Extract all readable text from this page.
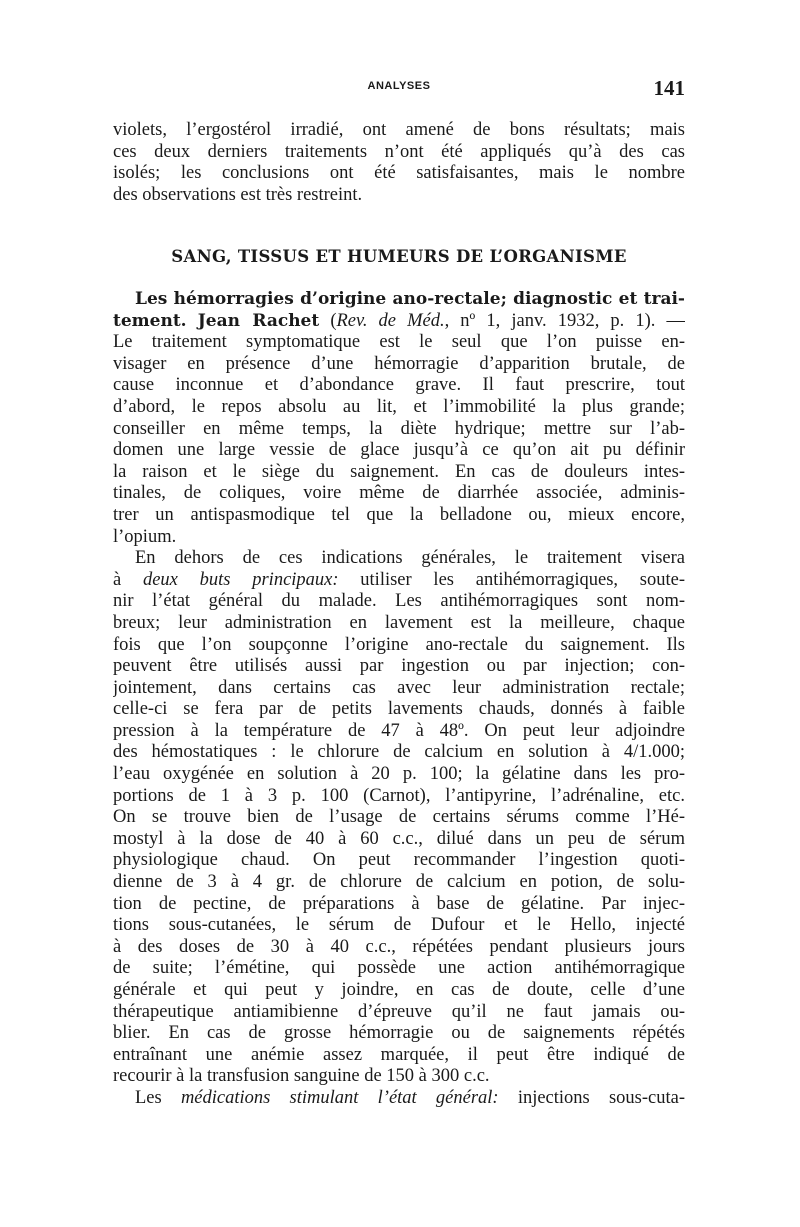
ANALYSES	141
violets, l’ergostérol irradié, ont amené de bons résultats; mais
ces deux derniers traitements n’ont été appliqués qu’à des cas
isolés; les conclusions ont été satisfaisantes, mais le nombre
des observations est très restreint.
SANG, TISSUS ET HUMEURS DE L’ORGANISME
Les hémorragies d’origine ano-rectale; diagnostic et trai-
tement. Jean Rachet (Rev. de Méd., nº 1, janv. 1932, p. 1). —
Le traitement symptomatique est le seul que l’on puisse en-
visager en présence d’une hémorragie d’apparition brutale, de
cause inconnue et d’abondance grave. Il faut prescrire, tout
d’abord, le repos absolu au lit, et l’immobilité la plus grande;
conseiller en même temps, la diète hydrique; mettre sur l’ab-
domen une large vessie de glace jusqu’à ce qu’on ait pu définir
la raison et le siège du saignement. En cas de douleurs intes-
tinales, de coliques, voire même de diarrhée associée, adminis-
trer un antispasmodique tel que la belladone ou, mieux encore,
l’opium.
En dehors de ces indications générales, le traitement visera
à deux buts principaux: utiliser les antihémorragiques, soute-
nir l’état général du malade. Les antihémorragiques sont nom-
breux; leur administration en lavement est la meilleure, chaque
fois que l’on soupçonne l’origine ano-rectale du saignement. Ils
peuvent être utilisés aussi par ingestion ou par injection; con-
jointement, dans certains cas avec leur administration rectale;
celle-ci se fera par de petits lavements chauds, donnés à faible
pression à la température de 47 à 48º. On peut leur adjoindre
des hémostatiques : le chlorure de calcium en solution à 4/1.000;
l’eau oxygénée en solution à 20 p. 100; la gélatine dans les pro-
portions de 1 à 3 p. 100 (Carnot), l’antipyrine, l’adrénaline, etc.
On se trouve bien de l’usage de certains sérums comme l’Hé-
mostyl à la dose de 40 à 60 c.c., dilué dans un peu de sérum
physiologique chaud. On peut recommander l’ingestion quoti-
dienne de 3 à 4 gr. de chlorure de calcium en potion, de solu-
tion de pectine, de préparations à base de gélatine. Par injec-
tions sous-cutanées, le sérum de Dufour et le Hello, injecté
à des doses de 30 à 40 c.c., répétées pendant plusieurs jours
de suite; l’émétine, qui possède une action antihémorragique
générale et qui peut y joindre, en cas de doute, celle d’une
thérapeutique antiamibienne d’épreuve qu’il ne faut jamais ou-
blier. En cas de grosse hémorragie ou de saignements répétés
entraînant une anémie assez marquée, il peut être indiqué de
recourir à la transfusion sanguine de 150 à 300 c.c.
Les médications stimulant l’état général: injections sous-cuta-
